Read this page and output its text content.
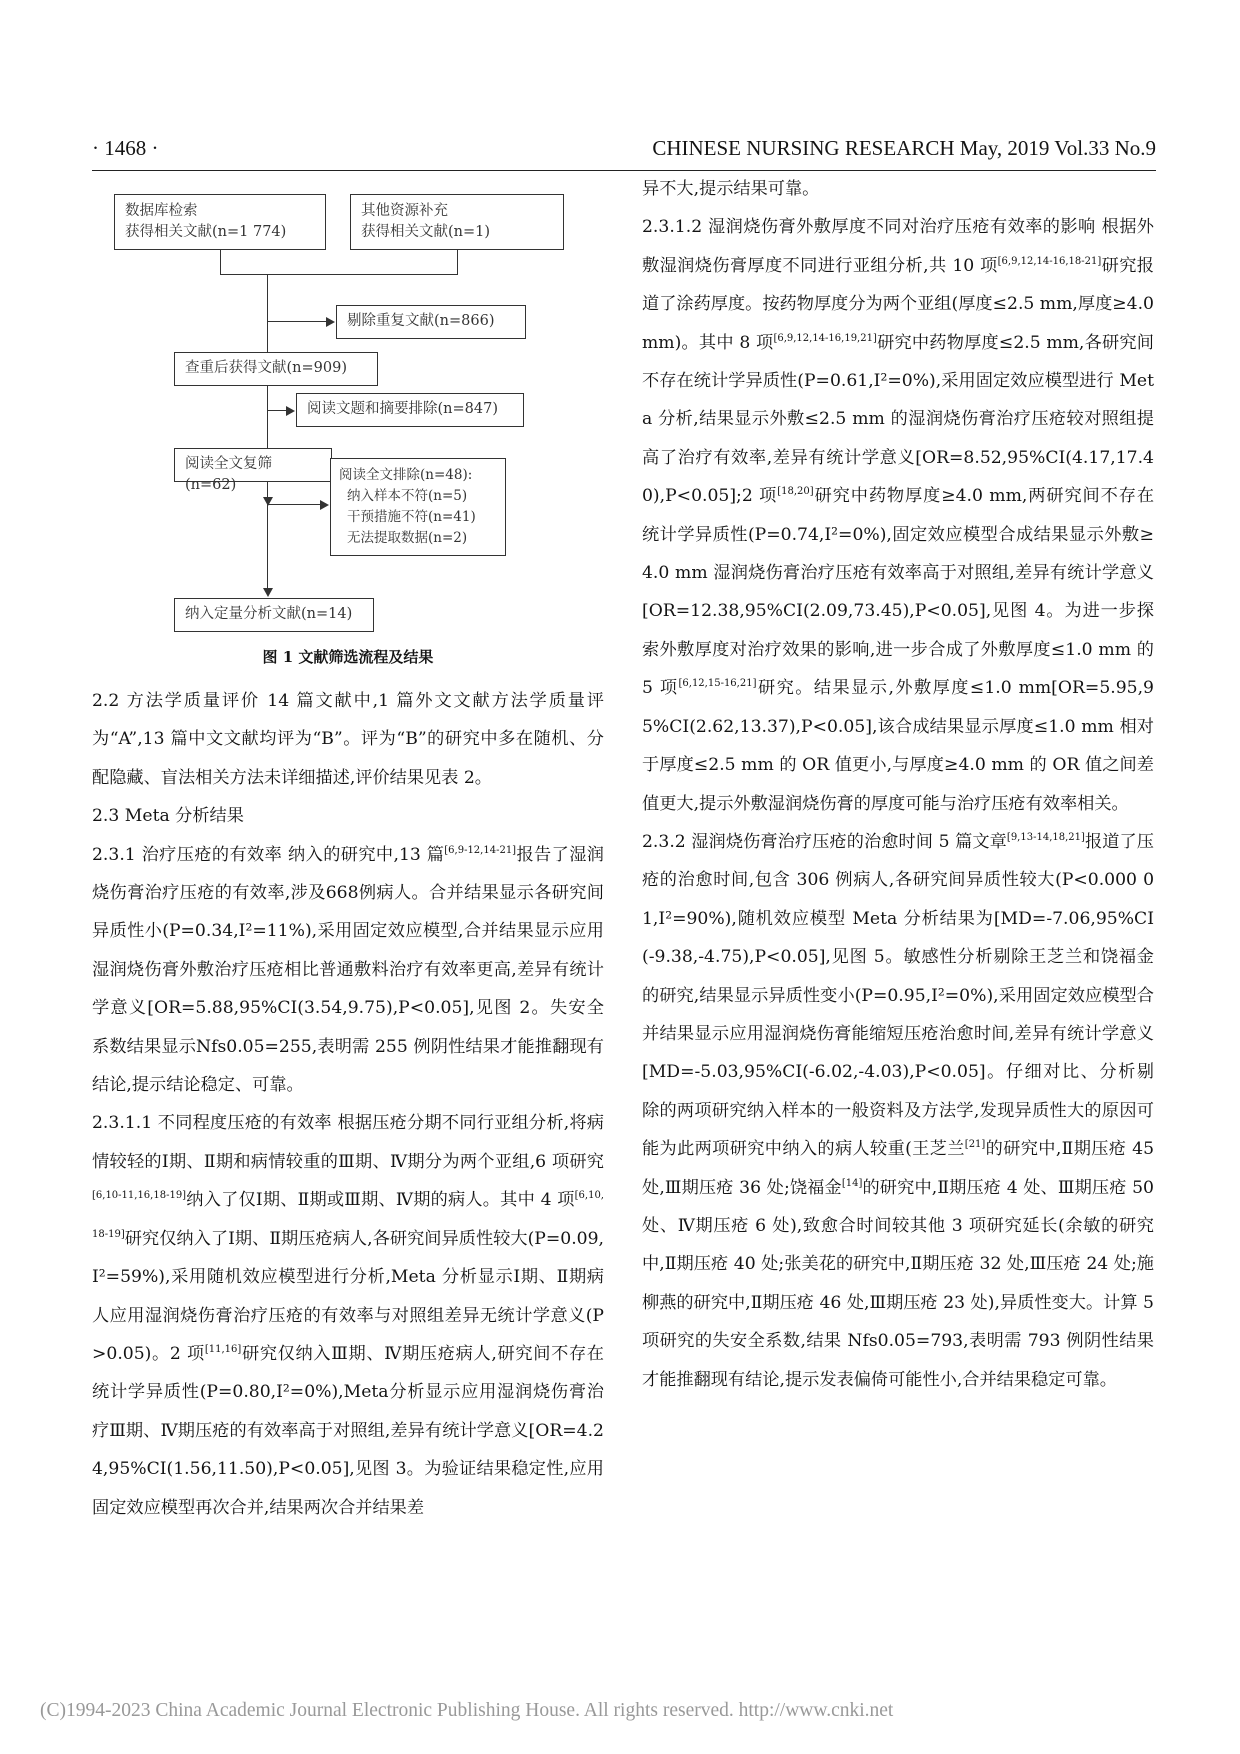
· 1468 ·	CHINESE NURSING RESEARCH May, 2019 Vol.33 No.9
数据库检索
获得相关文献(n=1 774)
其他资源补充
获得相关文献(n=1)
剔除重复文献(n=866)
查重后获得文献(n=909)
阅读文题和摘要排除(n=847)
阅读全文复筛(n=62)
阅读全文排除(n=48):
纳入样本不符(n=5)
干预措施不符(n=41)
无法提取数据(n=2)
纳入定量分析文献(n=14)
图 1 文献筛选流程及结果

2.2 方法学质量评价 14 篇文献中,1 篇外文文献方法学质量评为“A”,13 篇中文文献均评为“B”。评为“B”的研究中多在随机、分配隐藏、盲法相关方法未详细描述,评价结果见表 2。

2.3 Meta 分析结果

2.3.1 治疗压疮的有效率 纳入的研究中,13 篇[6,9-12,14-21]报告了湿润烧伤膏治疗压疮的有效率,涉及668例病人。合并结果显示各研究间异质性小(P=0.34,I²=11%),采用固定效应模型,合并结果显示应用湿润烧伤膏外敷治疗压疮相比普通敷料治疗有效率更高,差异有统计学意义[OR=5.88,95%CI(3.54,9.75),P<0.05],见图 2。失安全系数结果显示Nfs0.05=255,表明需 255 例阴性结果才能推翻现有结论,提示结论稳定、可靠。

2.3.1.1 不同程度压疮的有效率 根据压疮分期不同行亚组分析,将病情较轻的Ⅰ期、Ⅱ期和病情较重的Ⅲ期、Ⅳ期分为两个亚组,6 项研究[6,10-11,16,18-19]纳入了仅Ⅰ期、Ⅱ期或Ⅲ期、Ⅳ期的病人。其中 4 项[6,10,18-19]研究仅纳入了Ⅰ期、Ⅱ期压疮病人,各研究间异质性较大(P=0.09,I²=59%),采用随机效应模型进行分析,Meta 分析显示Ⅰ期、Ⅱ期病人应用湿润烧伤膏治疗压疮的有效率与对照组差异无统计学意义(P>0.05)。2 项[11,16]研究仅纳入Ⅲ期、Ⅳ期压疮病人,研究间不存在统计学异质性(P=0.80,I²=0%),Meta分析显示应用湿润烧伤膏治疗Ⅲ期、Ⅳ期压疮的有效率高于对照组,差异有统计学意义[OR=4.24,95%CI(1.56,11.50),P<0.05],见图 3。为验证结果稳定性,应用固定效应模型再次合并,结果两次合并结果差

异不大,提示结果可靠。

2.3.1.2 湿润烧伤膏外敷厚度不同对治疗压疮有效率的影响 根据外敷湿润烧伤膏厚度不同进行亚组分析,共 10 项[6,9,12,14-16,18-21]研究报道了涂药厚度。按药物厚度分为两个亚组(厚度≤2.5 mm,厚度≥4.0 mm)。其中 8 项[6,9,12,14-16,19,21]研究中药物厚度≤2.5 mm,各研究间不存在统计学异质性(P=0.61,I²=0%),采用固定效应模型进行 Meta 分析,结果显示外敷≤2.5 mm 的湿润烧伤膏治疗压疮较对照组提高了治疗有效率,差异有统计学意义[OR=8.52,95%CI(4.17,17.40),P<0.05];2 项[18,20]研究中药物厚度≥4.0 mm,两研究间不存在统计学异质性(P=0.74,I²=0%),固定效应模型合成结果显示外敷≥4.0 mm 湿润烧伤膏治疗压疮有效率高于对照组,差异有统计学意义[OR=12.38,95%CI(2.09,73.45),P<0.05],见图 4。为进一步探索外敷厚度对治疗效果的影响,进一步合成了外敷厚度≤1.0 mm 的 5 项[6,12,15-16,21]研究。结果显示,外敷厚度≤1.0 mm[OR=5.95,95%CI(2.62,13.37),P<0.05],该合成结果显示厚度≤1.0 mm 相对于厚度≤2.5 mm 的 OR 值更小,与厚度≥4.0 mm 的 OR 值之间差值更大,提示外敷湿润烧伤膏的厚度可能与治疗压疮有效率相关。

2.3.2 湿润烧伤膏治疗压疮的治愈时间 5 篇文章[9,13-14,18,21]报道了压疮的治愈时间,包含 306 例病人,各研究间异质性较大(P<0.000 01,I²=90%),随机效应模型 Meta 分析结果为[MD=-7.06,95%CI(-9.38,-4.75),P<0.05],见图 5。敏感性分析剔除王芝兰和饶福金的研究,结果显示异质性变小(P=0.95,I²=0%),采用固定效应模型合并结果显示应用湿润烧伤膏能缩短压疮治愈时间,差异有统计学意义[MD=-5.03,95%CI(-6.02,-4.03),P<0.05]。仔细对比、分析剔除的两项研究纳入样本的一般资料及方法学,发现异质性大的原因可能为此两项研究中纳入的病人较重(王芝兰[21]的研究中,Ⅱ期压疮 45 处,Ⅲ期压疮 36 处;饶福金[14]的研究中,Ⅱ期压疮 4 处、Ⅲ期压疮 50 处、Ⅳ期压疮 6 处),致愈合时间较其他 3 项研究延长(余敏的研究中,Ⅱ期压疮 40 处;张美花的研究中,Ⅱ期压疮 32 处,Ⅲ压疮 24 处;施柳燕的研究中,Ⅱ期压疮 46 处,Ⅲ期压疮 23 处),异质性变大。计算 5 项研究的失安全系数,结果 Nfs0.05=793,表明需 793 例阴性结果才能推翻现有结论,提示发表偏倚可能性小,合并结果稳定可靠。

(C)1994-2023 China Academic Journal Electronic Publishing House. All rights reserved. http://www.cnki.net
